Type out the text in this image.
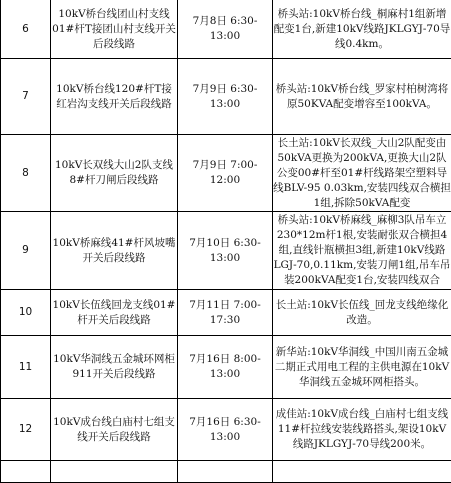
6	10kV桥台线团山村支线01#杆T接团山村支线开关后段线路	7月8日 6:30-13:00	桥头站:10kV桥台线_桐麻村1组新增配变1台,新建10kV线路JKLGYJ-70导线0.4km。
7	10kV桥台线120#杆T接红岩沟支线开关后段线路	7月9日 6:30-13:00	桥头站:10kV桥台线_罗家村柏树湾将原50KVA配变增容至100kVA。
8	10kV长双线大山2队支线8#杆刀闸后段线路	7月9日 7:00-12:00	长土站:10kV长双线_大山2队配变由50kVA更换为200kVA,更换大山2队公变00#杆至01#杆线路架空塑料导线BLV-95 0.03km,安装四线双合横担1组,拆除50kVA配变

9	10kV桥麻线41#杆风坡嘴开关后段线路	7月10日 6:30-13:00	桥头站:10kV桥麻线_麻柳3队吊车立230*12m杆1根,安装耐张双合横担4组,直线针瓶横担3组,新建10kV线路LGJ-70,0.11km,安装刀闸1组,吊车吊装200kVA配变1台,安装四线双合

10	10kV长伍线回龙支线01#杆开关后段线路	7月11日 7:00-17:30	长土站:10kV长伍线_回龙支线绝缘化改造。
11	10kV华洞线五金城环网柜911开关后段线路	7月16日 8:00-13:00	新华站:10kV华洞线_中国川南五金城二期正式用电工程的主供电源在10kV华洞线五金城环网柜搭头。
12	10kV成台线白庙村七组支线开关后段线路	7月16日 6:30-13:00	成佳站:10kV成台线_白庙村七组支线11#杆拉线安装线路搭头,架设10kV线路JKLGYJ-70导线200米。
